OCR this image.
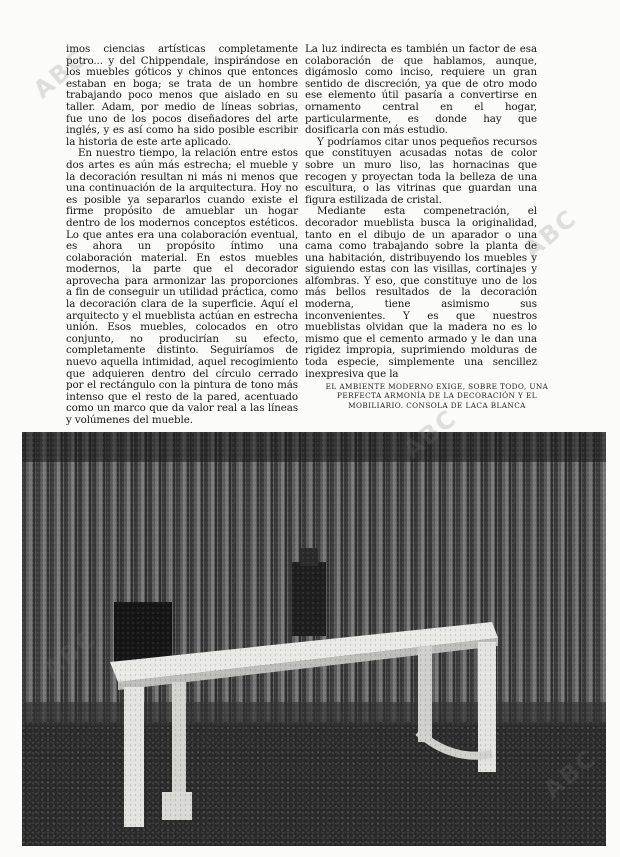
imos ciencias artísticas completamente potro... y del Chippendale, inspirándose en los muebles góticos y chinos que entonces estaban en boga; se trata de un hombre trabajando poco menos que aislado en su taller. Adam, por medio de líneas sobrias, fue uno de los pocos diseñadores del arte inglés, y es así como ha sido posible escribir la historia de este arte aplicado.

En nuestro tiempo, la relación entre estos dos artes es aún más estrecha; el mueble y la decoración resultan ni más ni menos que una continuación de la arquitectura. Hoy no es posible ya separarlos cuando existe el firme propósito de amueblar un hogar dentro de los modernos conceptos estéticos. Lo que antes era una colaboración eventual, es ahora un propósito íntimo una colaboración material. En estos muebles modernos, la parte que el decorador aprovecha para armonizar las proporciones a fin de conseguir un utilidad práctica, como la decoración clara de la superficie. Aquí el arquitecto y el mueblista actúan en estrecha unión. Esos muebles, colocados en otro conjunto, no producirían su efecto, completamente distinto. Seguiríamos de nuevo aquella intimidad, aquel recogimiento que adquieren dentro del círculo cerrado por el rectángulo con la pintura de tono más intenso que el resto de la pared, acentuado como un marco que da valor real a las líneas y volúmenes del mueble.

La luz indirecta es también un factor de esa colaboración de que hablamos, aunque, digámoslo como inciso, requiere un gran sentido de discreción, ya que de otro modo ese elemento útil pasaría a convertirse en ornamento central en el hogar, particularmente, es donde hay que dosificarla con más estudio.

Y podríamos citar unos pequeños recursos que constituyen acusadas notas de color sobre un muro liso, las hornacinas que recogen y proyectan toda la belleza de una escultura, o las vitrinas que guardan una figura estilizada de cristal.

Mediante esta compenetración, el decorador mueblista busca la originalidad, tanto en el dibujo de un aparador o una cama como trabajando sobre la planta de una habitación, distribuyendo los muebles y siguiendo estas con las visillas, cortinajes y alfombras. Y eso, que constituye uno de los más bellos resultados de la decoración moderna, tiene asimismo sus inconvenientes. Y es que nuestros mueblistas olvidan que la madera no es lo mismo que el cemento armado y le dan una rigidez impropia, suprimiendo molduras de toda especie, simplemente una sencillez inexpresiva que la

EL AMBIENTE MODERNO EXIGE, SOBRE TODO, UNA PERFECTA ARMONÍA DE LA DECORACIÓN Y EL MOBILIARIO. CONSOLA DE LACA BLANCA
ABC
ABC
ABC
ABC
ABC
